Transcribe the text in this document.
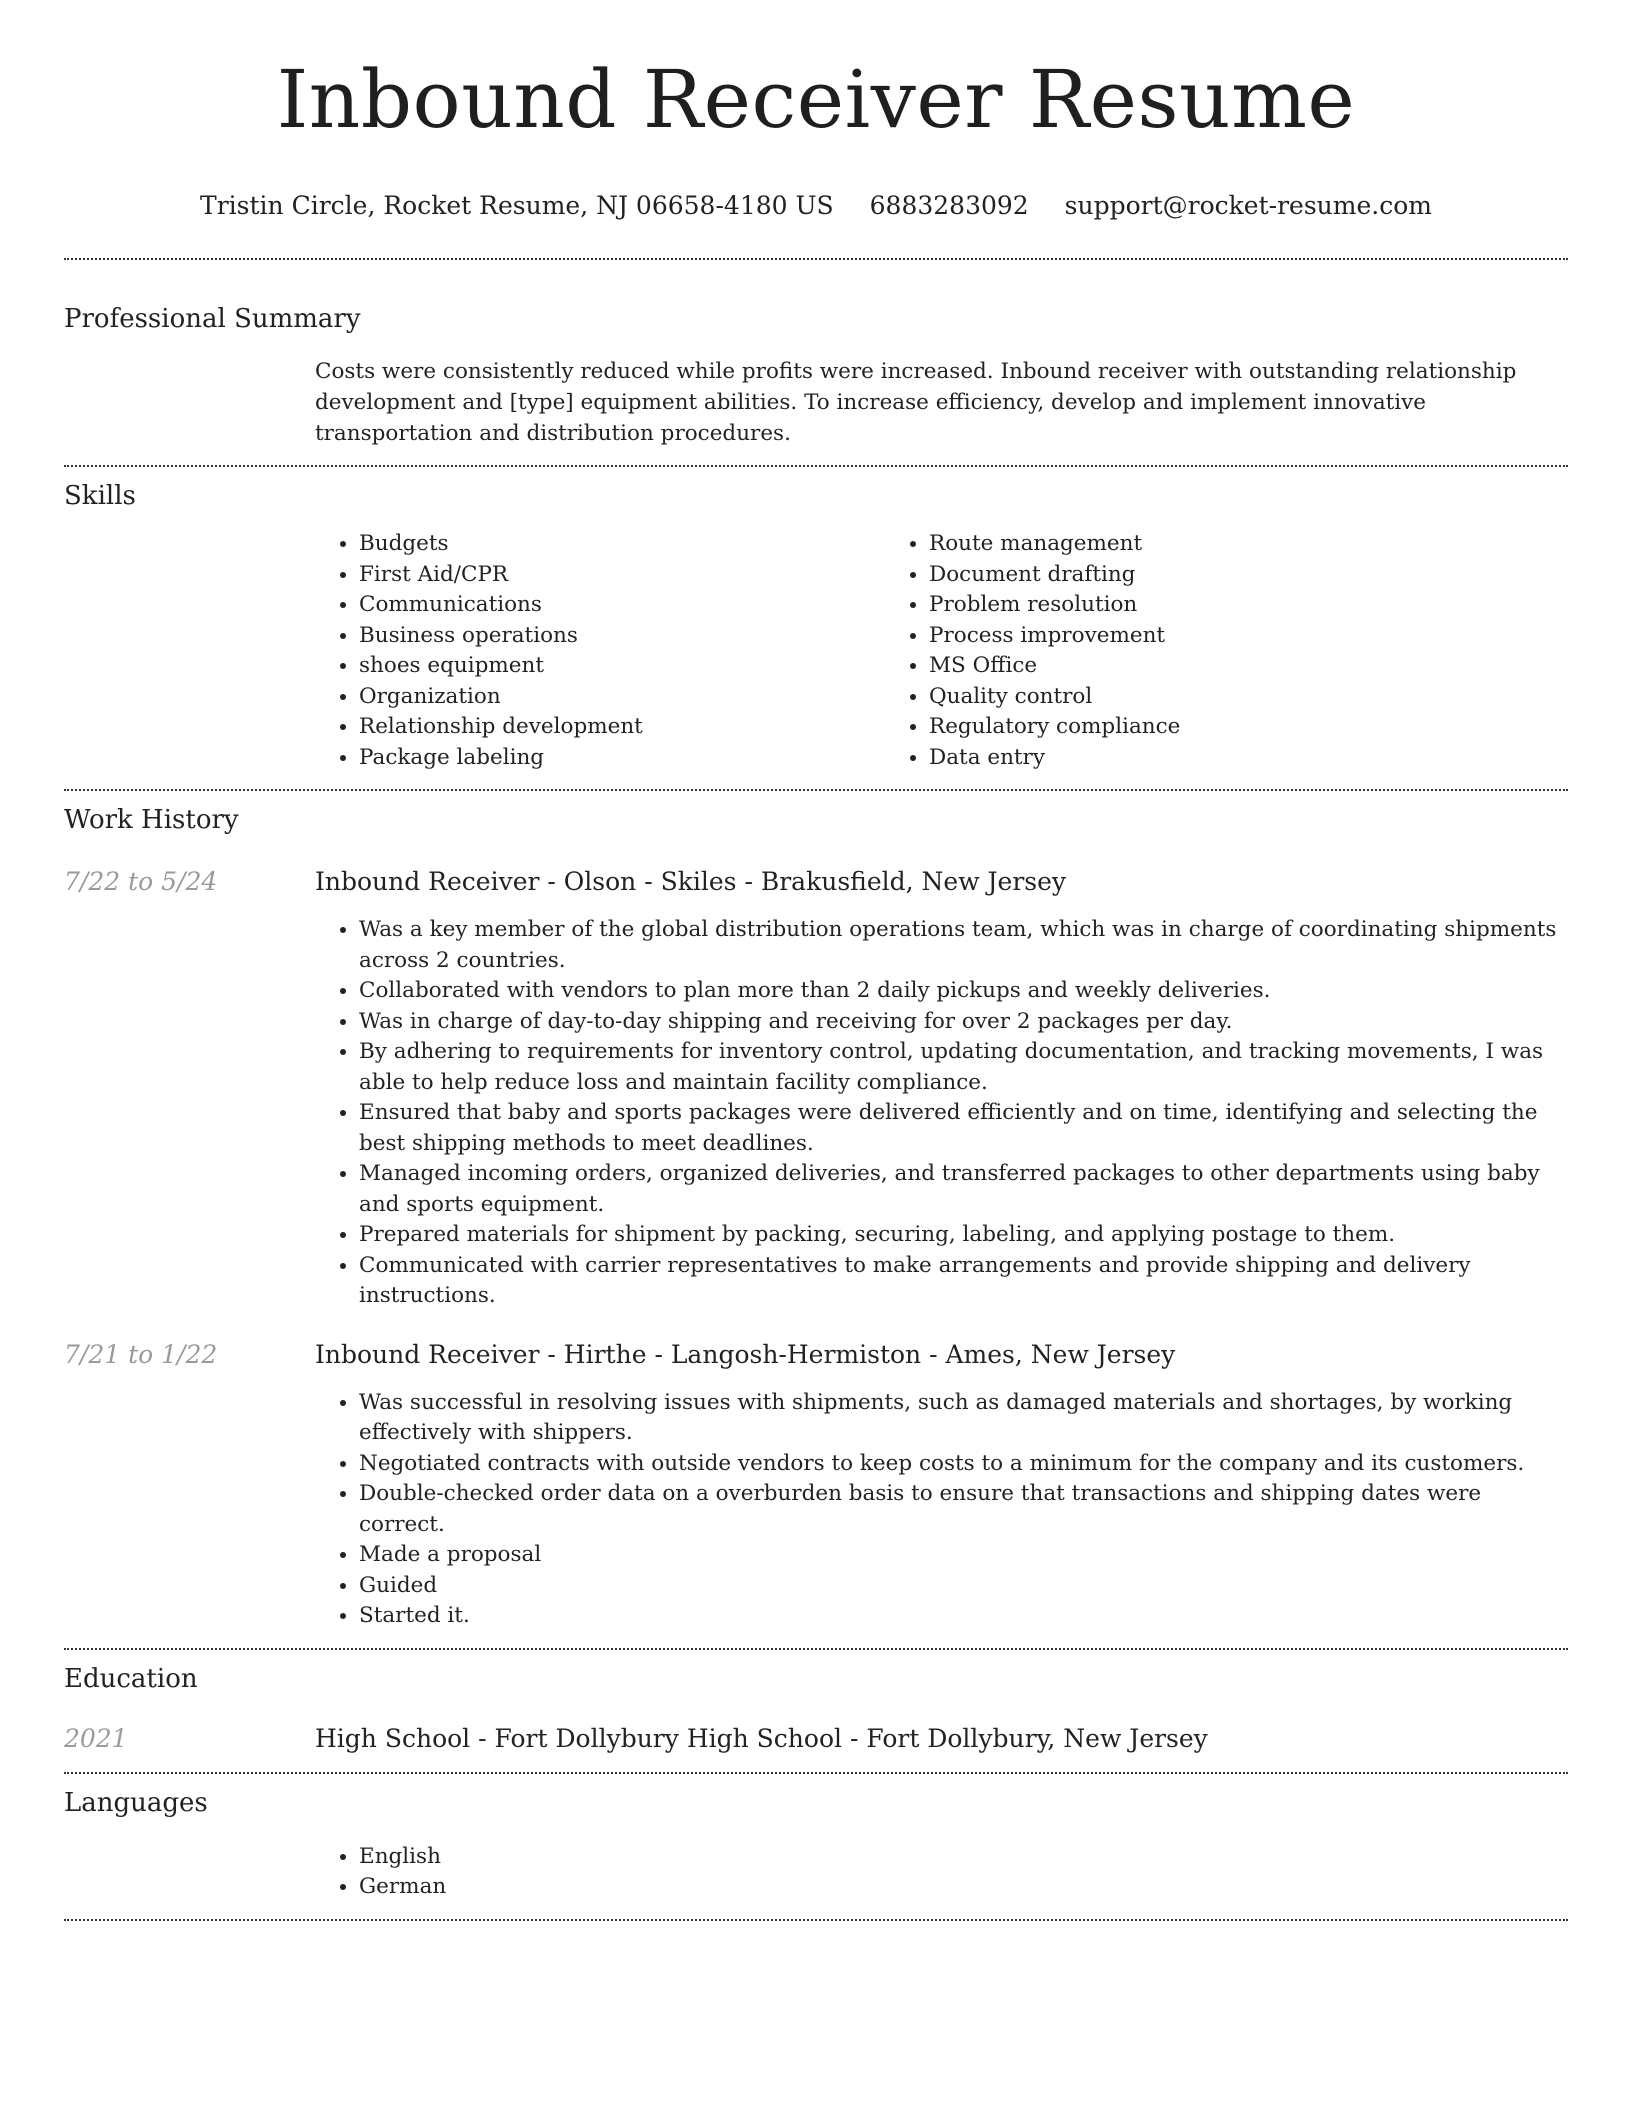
Inbound Receiver Resume
Tristin Circle, Rocket Resume, NJ 06658-4180 US 6883283092 support@rocket-resume.com
Professional Summary
Costs were consistently reduced while profits were increased. Inbound receiver with outstanding relationship development and [type] equipment abilities. To increase efficiency, develop and implement innovative transportation and distribution procedures.
Skills
• Budgets
• First Aid/CPR
• Communications
• Business operations
• shoes equipment
• Organization
• Relationship development
• Package labeling
• Route management
• Document drafting
• Problem resolution
• Process improvement
• MS Office
• Quality control
• Regulatory compliance
• Data entry
Work History
7/22 to 5/24	Inbound Receiver - Olson - Skiles - Brakusfield, New Jersey
• Was a key member of the global distribution operations team, which was in charge of coordinating shipments across 2 countries.
• Collaborated with vendors to plan more than 2 daily pickups and weekly deliveries.
• Was in charge of day-to-day shipping and receiving for over 2 packages per day.
• By adhering to requirements for inventory control, updating documentation, and tracking movements, I was able to help reduce loss and maintain facility compliance.
• Ensured that baby and sports packages were delivered efficiently and on time, identifying and selecting the best shipping methods to meet deadlines.
• Managed incoming orders, organized deliveries, and transferred packages to other departments using baby and sports equipment.
• Prepared materials for shipment by packing, securing, labeling, and applying postage to them.
• Communicated with carrier representatives to make arrangements and provide shipping and delivery instructions.
7/21 to 1/22	Inbound Receiver - Hirthe - Langosh-Hermiston - Ames, New Jersey
• Was successful in resolving issues with shipments, such as damaged materials and shortages, by working effectively with shippers.
• Negotiated contracts with outside vendors to keep costs to a minimum for the company and its customers.
• Double-checked order data on a overburden basis to ensure that transactions and shipping dates were correct.
• Made a proposal
• Guided
• Started it.
Education
2021	High School - Fort Dollybury High School - Fort Dollybury, New Jersey
Languages
• English
• German
